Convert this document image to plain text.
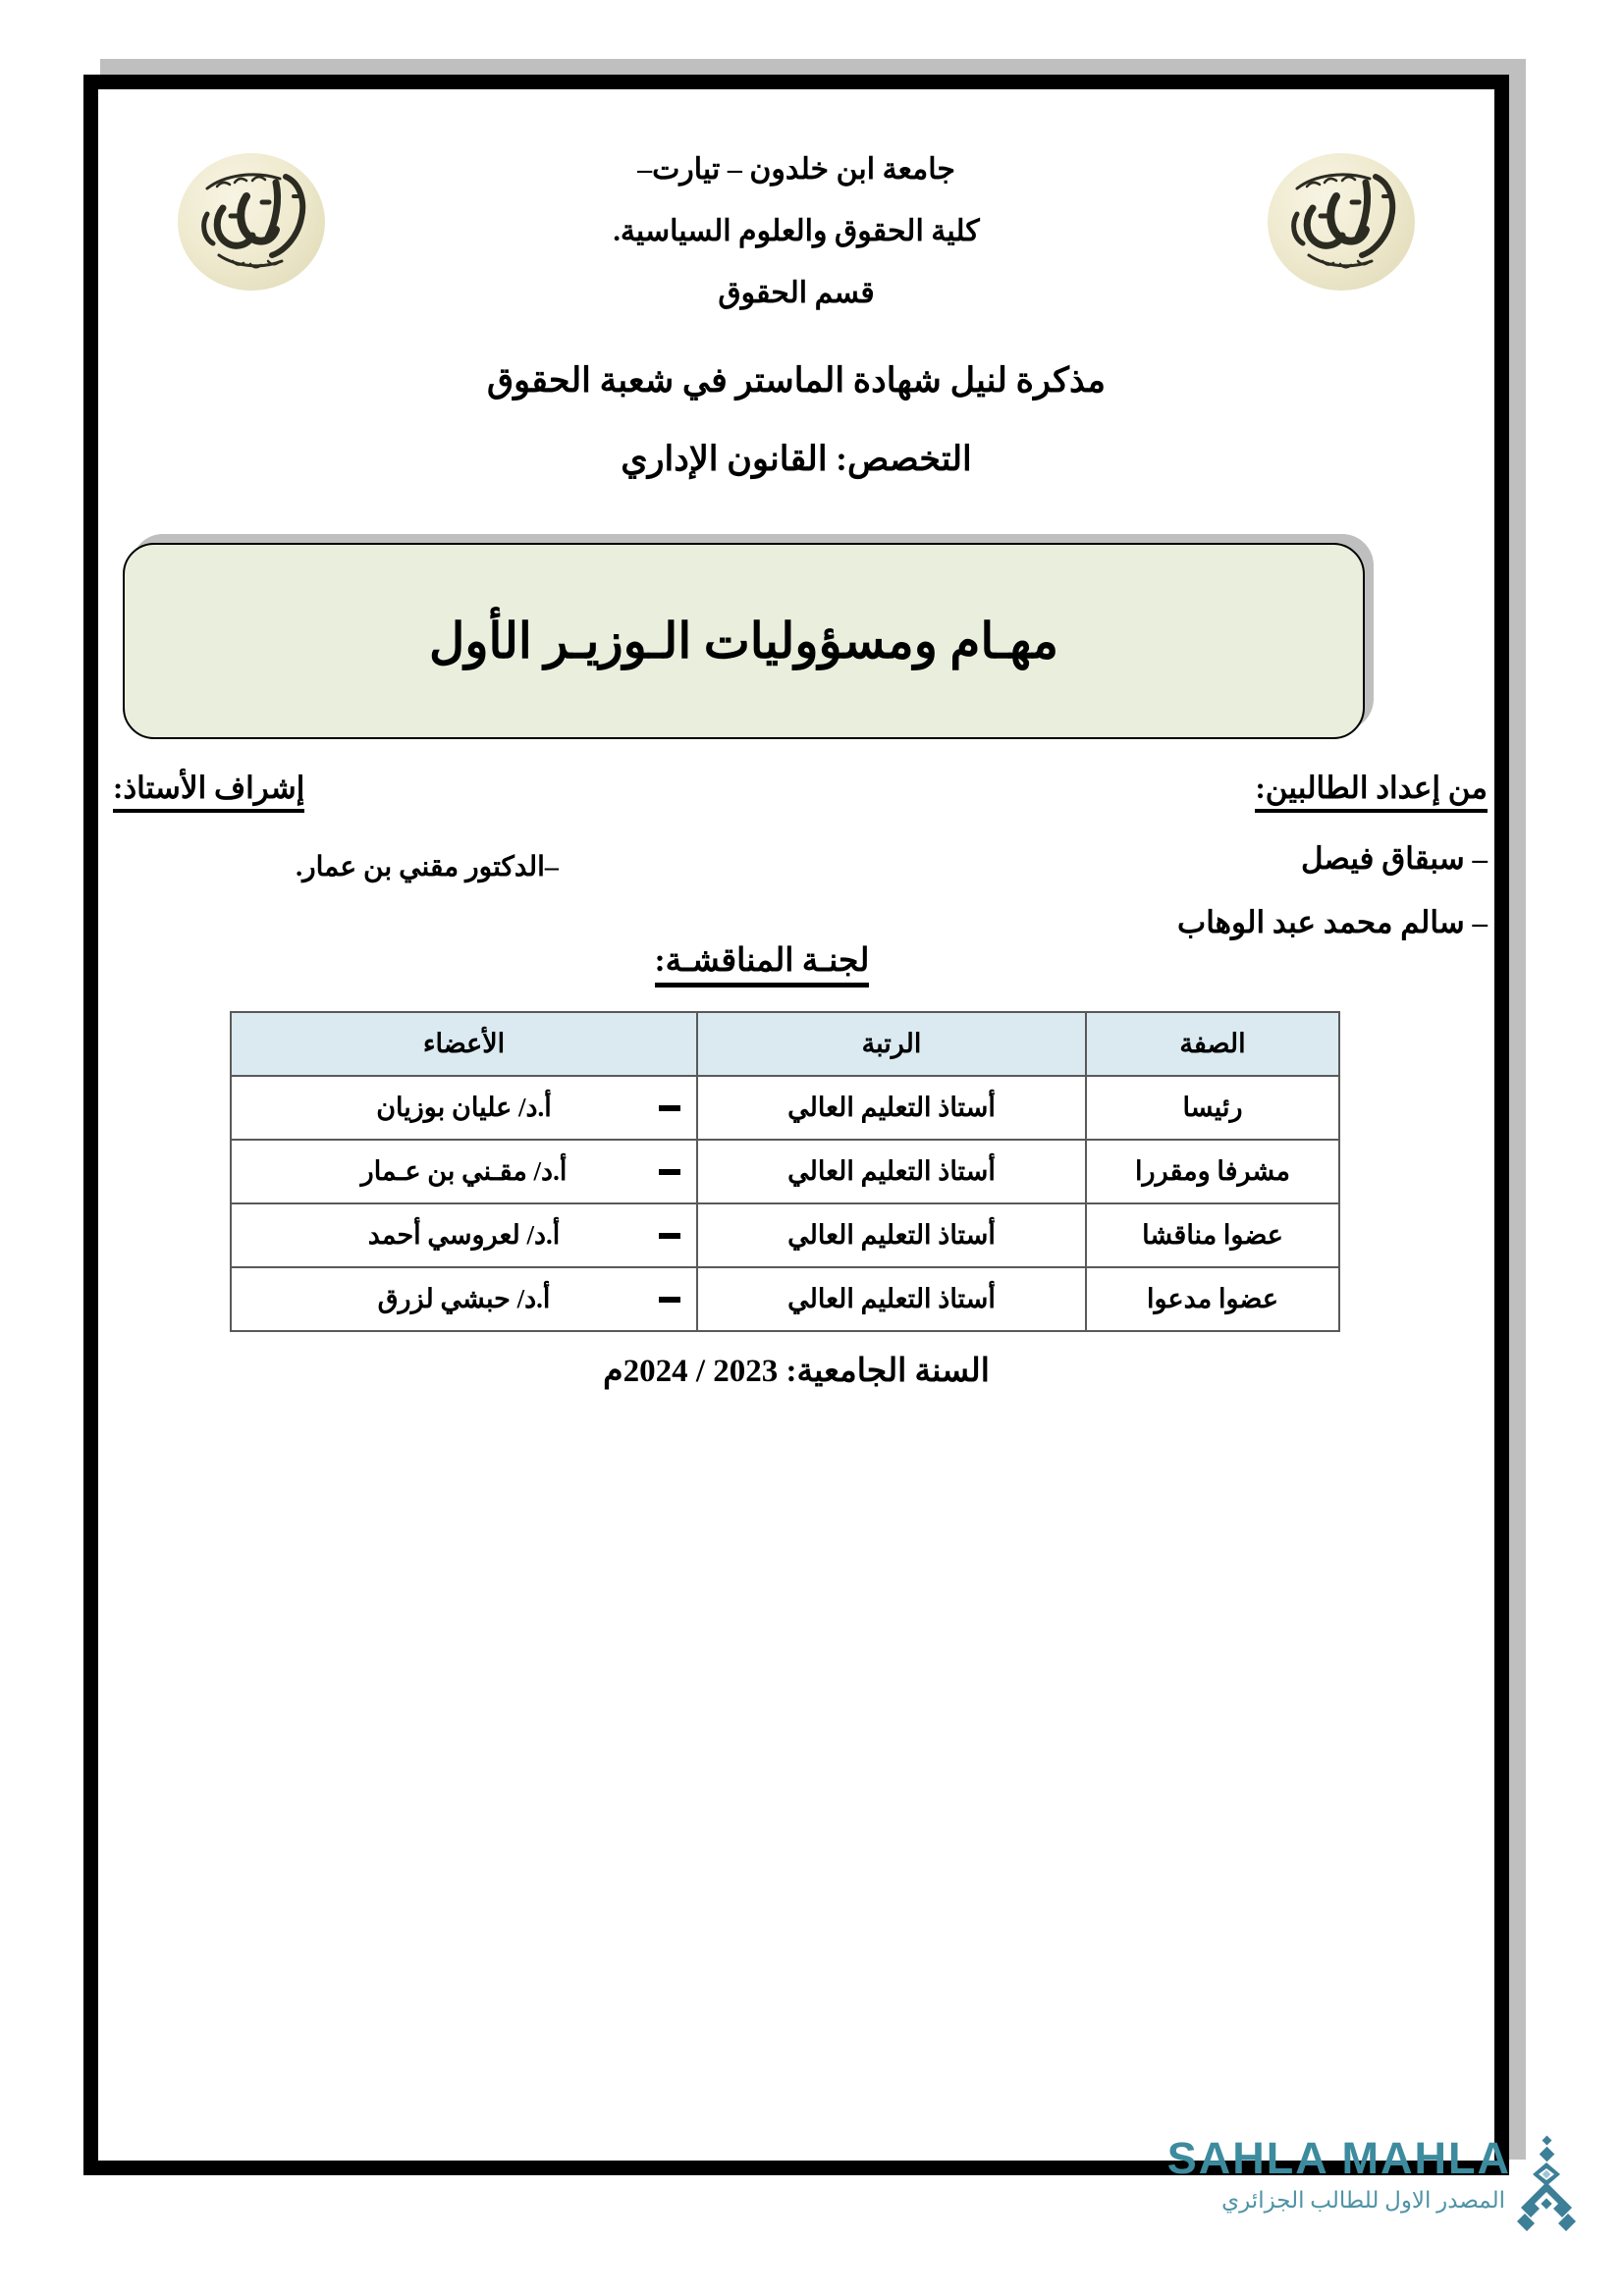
جامعة ابن خلدون – تيارت–
كلية الحقوق والعلوم السياسية.
قسم الحقوق
مذكرة لنيل شهادة الماستر في شعبة الحقوق
التخصص: القانون الإداري
مهـام ومسؤوليات الـوزيـر الأول
من إعداد الطالبين:
– سبقاق فيصل
– سالم محمد عبد الوهاب
إشراف الأستاذ:
–الدكتور مقني بن عمار.
لجنـة المناقشـة:
الصفة	الرتبة	الأعضاء
رئيسا	أستاذ التعليم العالي	أ.د/ عليان بوزيان
مشرفا ومقررا	أستاذ التعليم العالي	أ.د/ مقـني بن عـمار
عضوا مناقشا	أستاذ التعليم العالي	أ.د/ لعروسي أحمد
عضوا مدعوا	أستاذ التعليم العالي	أ.د/ حبشي لزرق
السنة الجامعية: 2023 / 2024م
SAHLA MAHLA
المصدر الاول للطالب الجزائري
